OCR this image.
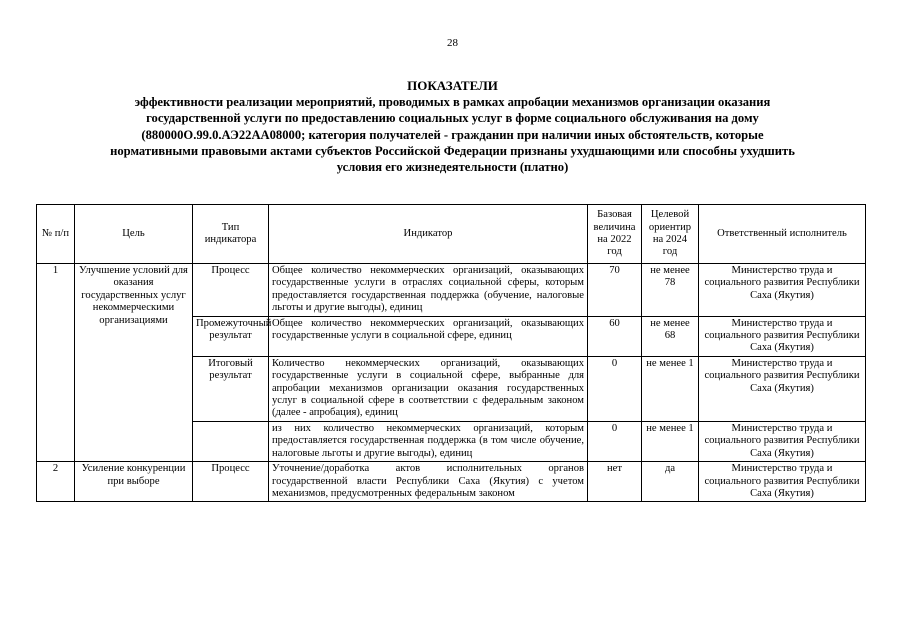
28
ПОКАЗАТЕЛИ
эффективности реализации мероприятий, проводимых в рамках апробации механизмов организации оказания
государственной услуги по предоставлению социальных услуг в форме социального обслуживания на дому
(880000О.99.0.АЭ22АА08000; категория получателей - гражданин при наличии иных обстоятельств, которые
нормативными правовыми актами субъектов Российской Федерации признаны ухудшающими или способны ухудшить
условия его жизнедеятельности (платно)
№ п/п	Цель	Тип индикатора	Индикатор	Базовая величина на 2022 год	Целевой ориентир на 2024 год	Ответственный исполнитель
1	Улучшение условий для оказания государственных услуг некоммерческими организациями	Процесс	Общее количество некоммерческих организаций, оказывающих государственные услуги в отраслях социальной сферы, которым предоставляется государственная поддержка (обучение, налоговые льготы и другие выгоды), единиц	70	не менее 78	Министерство труда и социального развития Республики Саха (Якутия)
		Промежуточный результат	Общее количество некоммерческих организаций, оказывающих государственные услуги в социальной сфере, единиц	60	не менее 68	Министерство труда и социального развития Республики Саха (Якутия)
		Итоговый результат	Количество некоммерческих организаций, оказывающих государственные услуги в социальной сфере, выбранные для апробации механизмов организации оказания государственных услуг в социальной сфере в соответствии с федеральным законом (далее - апробация), единиц	0	не менее 1	Министерство труда и социального развития Республики Саха (Якутия)
			из них количество некоммерческих организаций, которым предоставляется государственная поддержка (в том числе обучение, налоговые льготы и другие выгоды), единиц	0	не менее 1	Министерство труда и социального развития Республики Саха (Якутия)
2	Усиление конкуренции при выборе	Процесс	Уточнение/доработка актов исполнительных органов государственной власти Республики Саха (Якутия) с учетом механизмов, предусмотренных федеральным законом	нет	да	Министерство труда и социального развития Республики Саха (Якутия)
